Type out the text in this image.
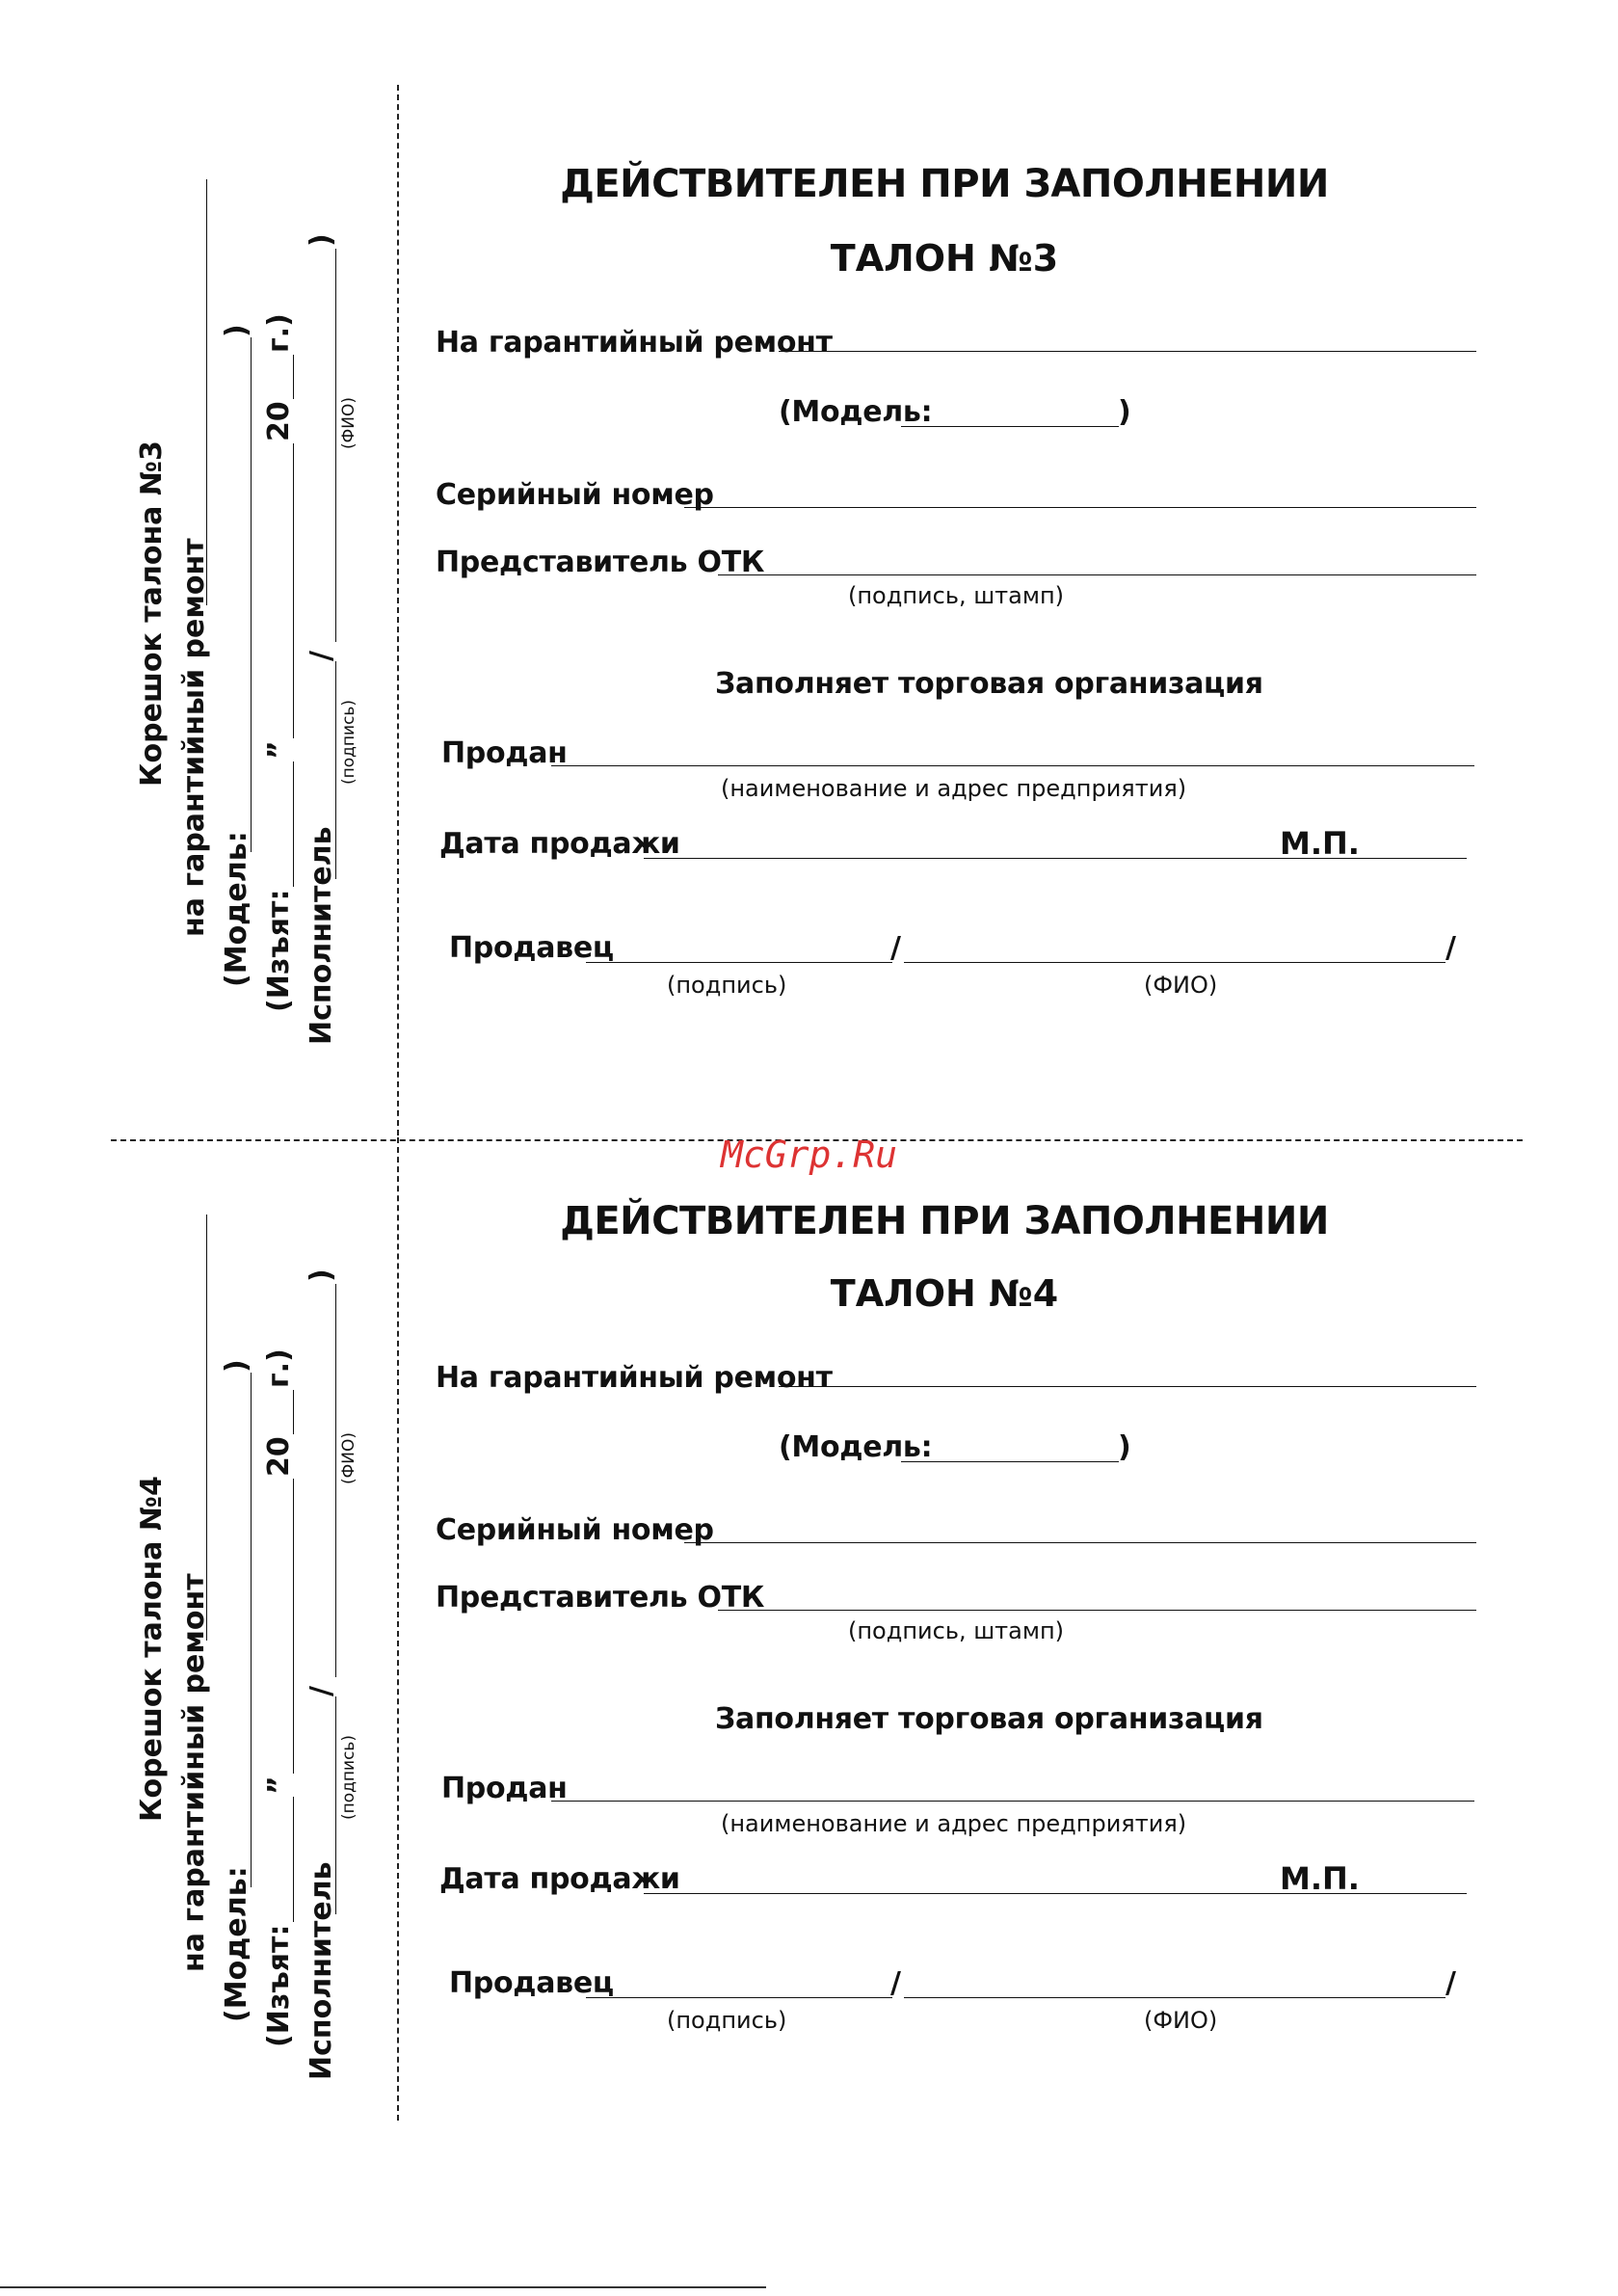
McGrp.Ru
ДЕЙСТВИТЕЛЕН ПРИ ЗАПОЛНЕНИИ
ТАЛОН №3
На гарантийный ремонт
(Модель:	)
Серийный номер
Представитель ОТК
(подпись, штамп)
Заполняет торговая организация
Продан
(наименование и адрес предприятия)
Дата продажи	М.П.
Продавец	/	/
(подпись)	(ФИО)
Корешок талона №3 на гарантийный ремонт (Модель:
)
(Изъят:
”
20
г.)
Исполнитель
/
)
(подпись)
(ФИО)
ДЕЙСТВИТЕЛЕН ПРИ ЗАПОЛНЕНИИ
ТАЛОН №4
На гарантийный ремонт
(Модель:	)
Серийный номер
Представитель ОТК
(подпись, штамп)
Заполняет торговая организация
Продан
(наименование и адрес предприятия)
Дата продажи	М.П.
Продавец	/	/
(подпись)	(ФИО)
Корешок талона №4 на гарантийный ремонт (Модель:
)
(Изъят:
”
20
г.)
Исполнитель
/
)
(подпись)
(ФИО)
